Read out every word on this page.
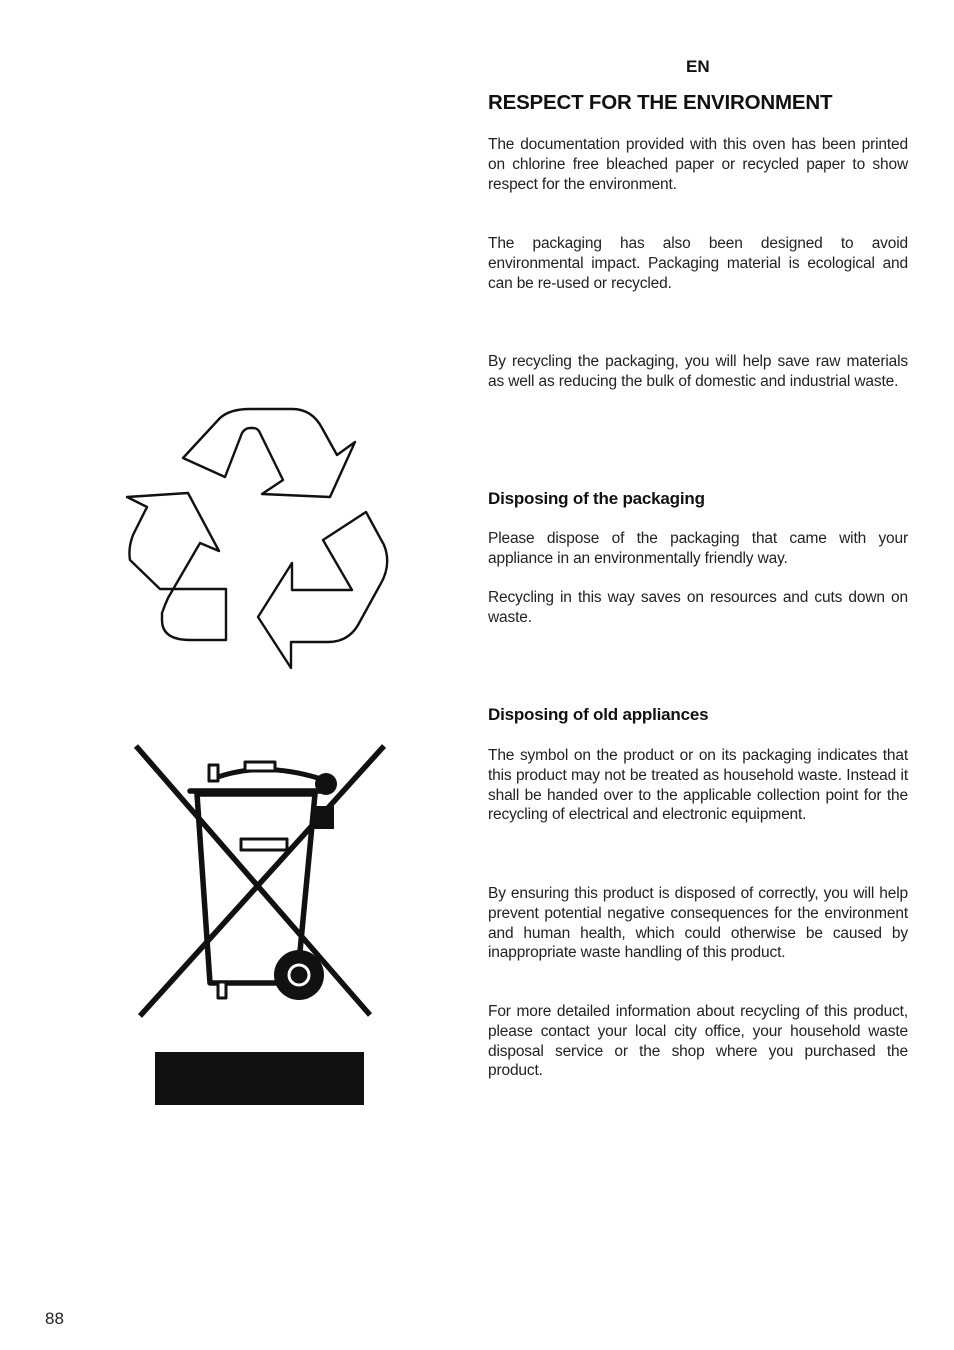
EN
RESPECT FOR THE ENVIRONMENT
The documentation provided with this oven has been printed on chlorine free bleached paper or recycled paper to show respect for the environment.
The packaging has also been designed to avoid environmental impact. Packaging material is ecological and can be re-used or recycled.
By recycling the packaging, you will help save raw materials as well as reducing the bulk of domestic and industrial waste.
Disposing of the packaging
Please dispose of the packaging that came with your appliance in an environmentally friendly way.
Recycling in this way saves on resources and cuts down on waste.
Disposing of old appliances
The symbol on the product or on its packaging indicates that this product may not be treated as household waste. Instead it shall be handed over to the applicable collection point for the recycling of electrical and electronic equipment.
By ensuring this product is disposed of correctly, you will help prevent potential negative consequences for the environment and human health, which could otherwise be caused by inappropriate waste handling of this product.
For more detailed information about recycling of this product, please contact your local city office, your household waste disposal service or the shop where you purchased the product.
88
